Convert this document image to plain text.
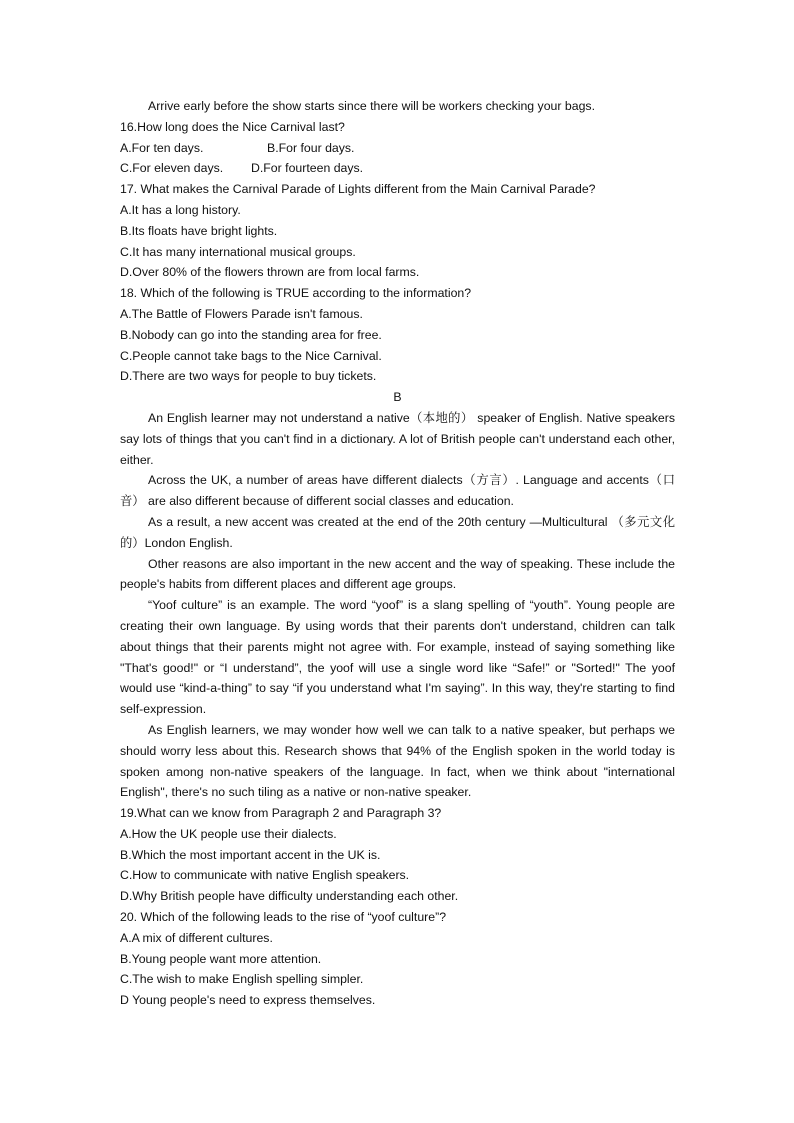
Arrive early before the show starts since there will be workers checking your bags.
16.How long does the Nice Carnival last?
A.For ten days.	B.For four days.
C.For eleven days.	D.For fourteen days.
17. What makes the Carnival Parade of Lights different from the Main Carnival Parade?
A.It has a long history.
B.Its floats have bright lights.
C.It has many international musical groups.
D.Over 80% of the flowers thrown are from local farms.
18. Which of the following is TRUE according to the information?
A.The Battle of Flowers Parade isn't famous.
B.Nobody can go into the standing area for free.
C.People cannot take bags to the Nice Carnival.
D.There are two ways for people to buy tickets.
B

An English learner may not understand a native（本地的） speaker of English. Native speakers say lots of things that you can't find in a dictionary. A lot of British people can't understand each other, either.

Across the UK, a number of areas have different dialects（方言）. Language and accents（口音） are also different because of different social classes and education.

As a result, a new accent was created at the end of the 20th century —Multicultural （多元文化的）London English.

Other reasons are also important in the new accent and the way of speaking. These include the people's habits from different places and different age groups.

“Yoof culture” is an example. The word “yoof” is a slang spelling of “youth”. Young people are creating their own language. By using words that their parents don't understand, children can talk about things that their parents might not agree with. For example, instead of saying something like "That's good!" or “I understand”, the yoof will use a single word like “Safe!” or "Sorted!" The yoof would use “kind-a-thing” to say “if you understand what I'm saying”. In this way, they're starting to find self-expression.

As English learners, we may wonder how well we can talk to a native speaker, but perhaps we should worry less about this. Research shows that 94% of the English spoken in the world today is spoken among non-native speakers of the language. In fact, when we think about "international English", there's no such tiling as a native or non-native speaker.

19.What can we know from Paragraph 2 and Paragraph 3?
A.How the UK people use their dialects.
B.Which the most important accent in the UK is.
C.How to communicate with native English speakers.
D.Why British people have difficulty understanding each other.
20. Which of the following leads to the rise of “yoof culture”?
A.A mix of different cultures.
B.Young people want more attention.
C.The wish to make English spelling simpler.
D Young people's need to express themselves.
